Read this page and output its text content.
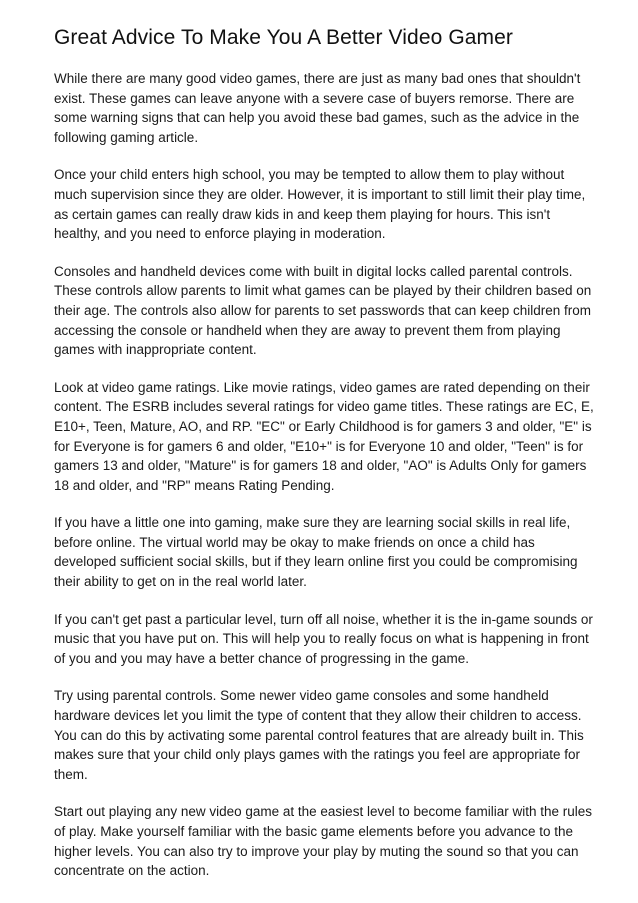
Great Advice To Make You A Better Video Gamer

While there are many good video games, there are just as many bad ones that shouldn't exist. These games can leave anyone with a severe case of buyers remorse. There are some warning signs that can help you avoid these bad games, such as the advice in the following gaming article.

Once your child enters high school, you may be tempted to allow them to play without much supervision since they are older. However, it is important to still limit their play time, as certain games can really draw kids in and keep them playing for hours. This isn't healthy, and you need to enforce playing in moderation.

Consoles and handheld devices come with built in digital locks called parental controls. These controls allow parents to limit what games can be played by their children based on their age. The controls also allow for parents to set passwords that can keep children from accessing the console or handheld when they are away to prevent them from playing games with inappropriate content.

Look at video game ratings. Like movie ratings, video games are rated depending on their content. The ESRB includes several ratings for video game titles. These ratings are EC, E, E10+, Teen, Mature, AO, and RP. "EC" or Early Childhood is for gamers 3 and older, "E" is for Everyone is for gamers 6 and older, "E10+" is for Everyone 10 and older, "Teen" is for gamers 13 and older, "Mature" is for gamers 18 and older, "AO" is Adults Only for gamers 18 and older, and "RP" means Rating Pending.

If you have a little one into gaming, make sure they are learning social skills in real life, before online. The virtual world may be okay to make friends on once a child has developed sufficient social skills, but if they learn online first you could be compromising their ability to get on in the real world later.

If you can't get past a particular level, turn off all noise, whether it is the in-game sounds or music that you have put on. This will help you to really focus on what is happening in front of you and you may have a better chance of progressing in the game.

Try using parental controls. Some newer video game consoles and some handheld hardware devices let you limit the type of content that they allow their children to access. You can do this by activating some parental control features that are already built in. This makes sure that your child only plays games with the ratings you feel are appropriate for them.

Start out playing any new video game at the easiest level to become familiar with the rules of play. Make yourself familiar with the basic game elements before you advance to the higher levels. You can also try to improve your play by muting the sound so that you can concentrate on the action.
